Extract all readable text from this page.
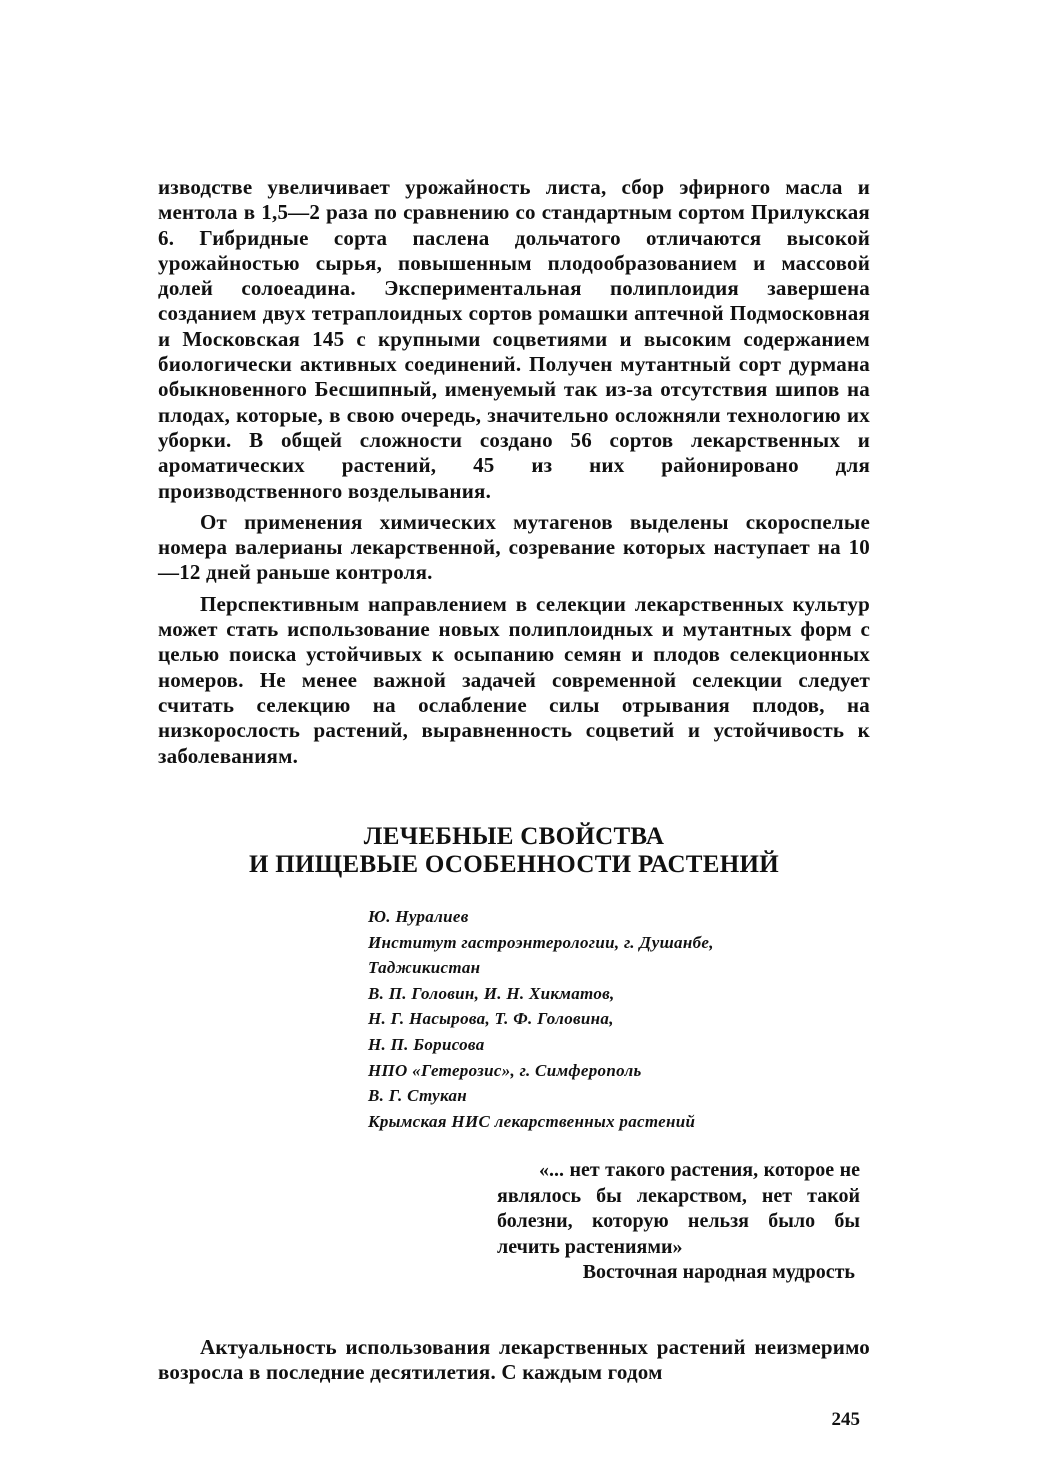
изводстве увеличивает урожайность листа, сбор эфирного масла и ментола в 1,5—2 раза по сравнению со стандартным сортом Прилукская 6. Гибридные сорта паслена дольчатого отличаются высокой урожайностью сырья, повышенным плодообразованием и массовой долей солоеадина. Экспериментальная полиплоидия завершена созданием двух тетраплоидных сортов ромашки аптечной Подмосковная и Московская 145 с крупными соцветиями и высоким содержанием биологически активных соединений. Получен мутантный сорт дурмана обыкновенного Бесшипный, именуемый так из-за отсутствия шипов на плодах, которые, в свою очередь, значительно осложняли технологию их уборки. В общей сложности создано 56 сортов лекарственных и ароматических растений, 45 из них районировано для производственного возделывания.

От применения химических мутагенов выделены скороспелые номера валерианы лекарственной, созревание которых наступает на 10—12 дней раньше контроля.

Перспективным направлением в селекции лекарственных культур может стать использование новых полиплоидных и мутантных форм с целью поиска устойчивых к осыпанию семян и плодов селекционных номеров. Не менее важной задачей современной селекции следует считать селекцию на ослабление силы отрывания плодов, на низкорослость растений, выравненность соцветий и устойчивость к заболеваниям.

ЛЕЧЕБНЫЕ СВОЙСТВА
И ПИЩЕВЫЕ ОСОБЕННОСТИ РАСТЕНИЙ
Ю. Нуралиев
Институт гастроэнтерологии, г. Душанбе,
Таджикистан
В. П. Головин, И. Н. Хикматов,
Н. Г. Насырова, Т. Ф. Головина,
Н. П. Борисова
НПО «Гетерозис», г. Симферополь
В. Г. Стукан
Крымская НИС лекарственных растений

«... нет такого растения, которое не являлось бы лекарством, нет такой болезни, которую нельзя было бы лечить растениями»

Восточная народная мудрость

Актуальность использования лекарственных растений неизмеримо возросла в последние десятилетия. С каждым годом

245
